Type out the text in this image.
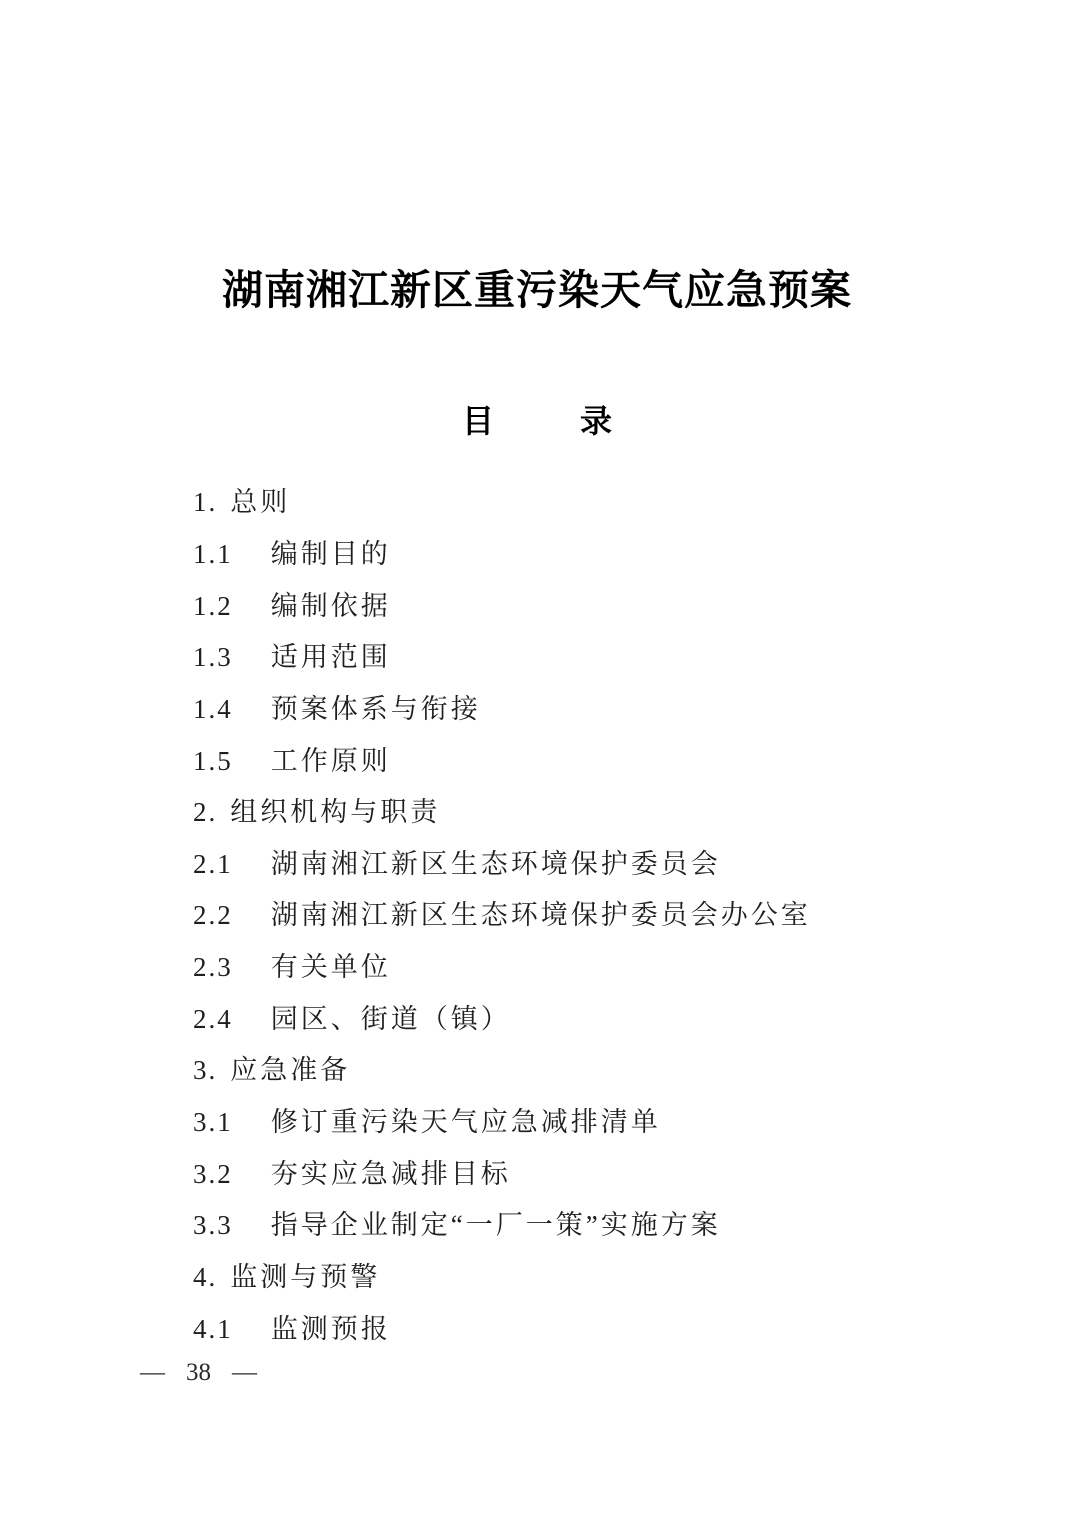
湖南湘江新区重污染天气应急预案
目	录
1. 总则
1.1 编制目的
1.2 编制依据
1.3 适用范围
1.4 预案体系与衔接
1.5 工作原则
2. 组织机构与职责
2.1 湖南湘江新区生态环境保护委员会
2.2 湖南湘江新区生态环境保护委员会办公室
2.3 有关单位
2.4 园区、街道（镇）
3. 应急准备
3.1 修订重污染天气应急减排清单
3.2 夯实应急减排目标
3.3 指导企业制定“一厂一策”实施方案
4. 监测与预警
4.1 监测预报
— 38 —
